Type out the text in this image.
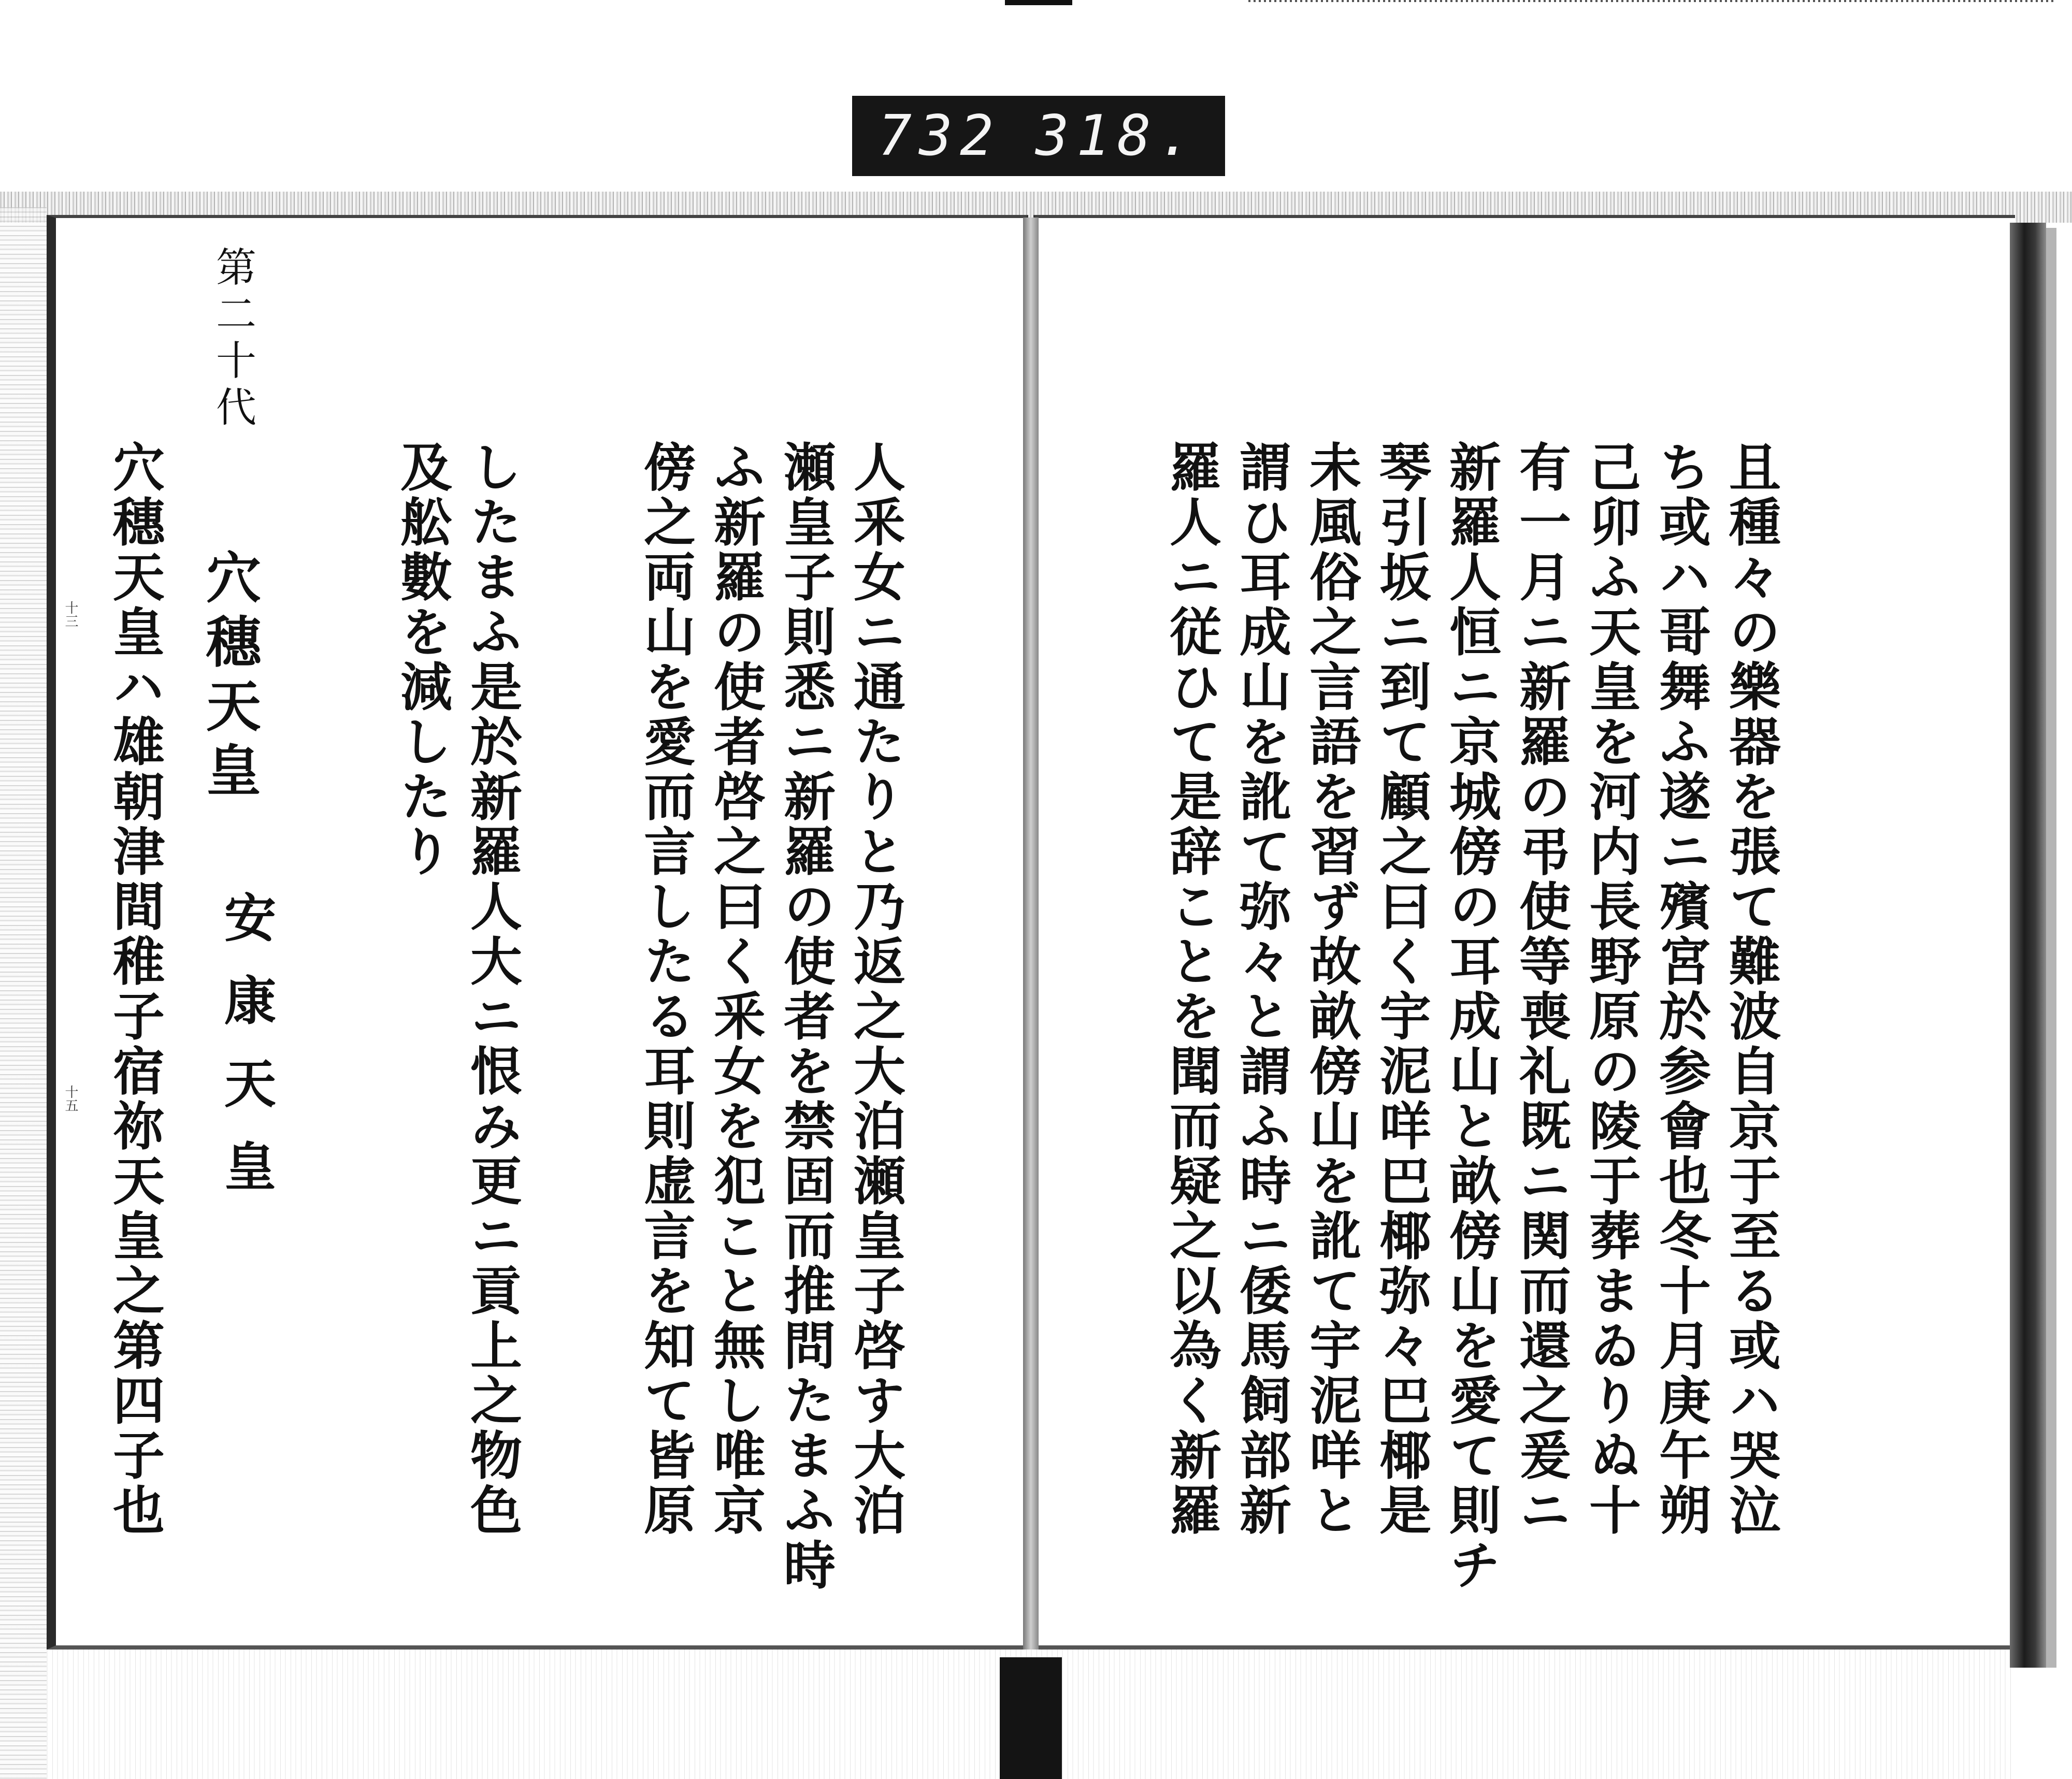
732 318.
且種々の樂器を張て難波自京于至る或ハ哭泣
ち或ハ哥舞ふ遂ニ殯宮於参會也冬十月庚午朔
己卯ふ天皇を河内長野原の陵于葬まゐりぬ十
有一月ニ新羅の弔使等喪礼既ニ関而還之爰ニ
新羅人恒ニ京城傍の耳成山と畝傍山を愛て則チ
琴引坂ニ到て顧之曰く宇泥咩巴椰弥々巴椰是
未風俗之言語を習ず故畝傍山を訛て宇泥咩と
謂ひ耳成山を訛て弥々と謂ふ時ニ倭馬飼部新
羅人ニ従ひて是辞ことを聞而疑之以為く新羅
人釆女ニ通たりと乃返之大泊瀬皇子啓す大泊
瀬皇子則悉ニ新羅の使者を禁固而推問たまふ時
ふ新羅の使者啓之曰く釆女を犯こと無し唯京
傍之両山を愛而言したる耳則虚言を知て皆原
したまふ是於新羅人大ニ恨み更ニ貢上之物色
及舩數を減したり
第二十代
穴穗天皇
安康天皇
穴穗天皇ハ雄朝津間稚子宿祢天皇之第四子也
十三
十五
